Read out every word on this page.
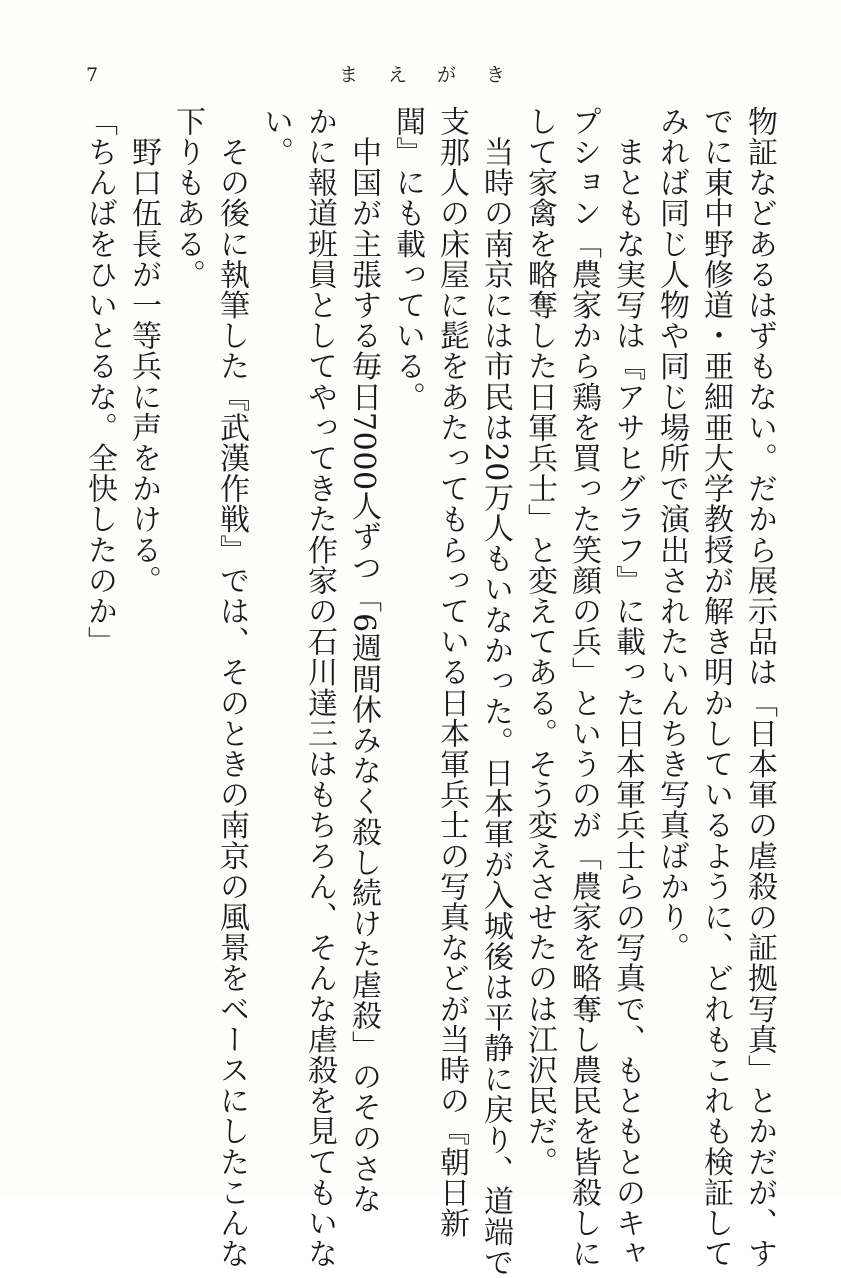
7	まえがき
物証などあるはずもない。だから展示品は「日本軍の虐殺の証拠写真」とかだが、す
でに東中野修道・亜細亜大学教授が解き明かしているように、どれもこれも検証して
みれば同じ人物や同じ場所で演出されたいんちき写真ばかり。
　まともな実写は『アサヒグラフ』に載った日本軍兵士らの写真で、もともとのキャ
プション「農家から鶏を買った笑顔の兵」というのが「農家を略奪し農民を皆殺しに
して家禽を略奪した日軍兵士」と変えてある。そう変えさせたのは江沢民だ。
　当時の南京には市民は20万人もいなかった。日本軍が入城後は平静に戻り、道端で
支那人の床屋に髭をあたってもらっている日本軍兵士の写真などが当時の『朝日新
聞』にも載っている。
　中国が主張する毎日7000人ずつ「6週間休みなく殺し続けた虐殺」のそのさな
かに報道班員としてやってきた作家の石川達三はもちろん、そんな虐殺を見てもいな
い。
　その後に執筆した『武漢作戦』では、そのときの南京の風景をベースにしたこんな
下りもある。
　野口伍長が一等兵に声をかける。
「ちんばをひいとるな。全快したのか」
